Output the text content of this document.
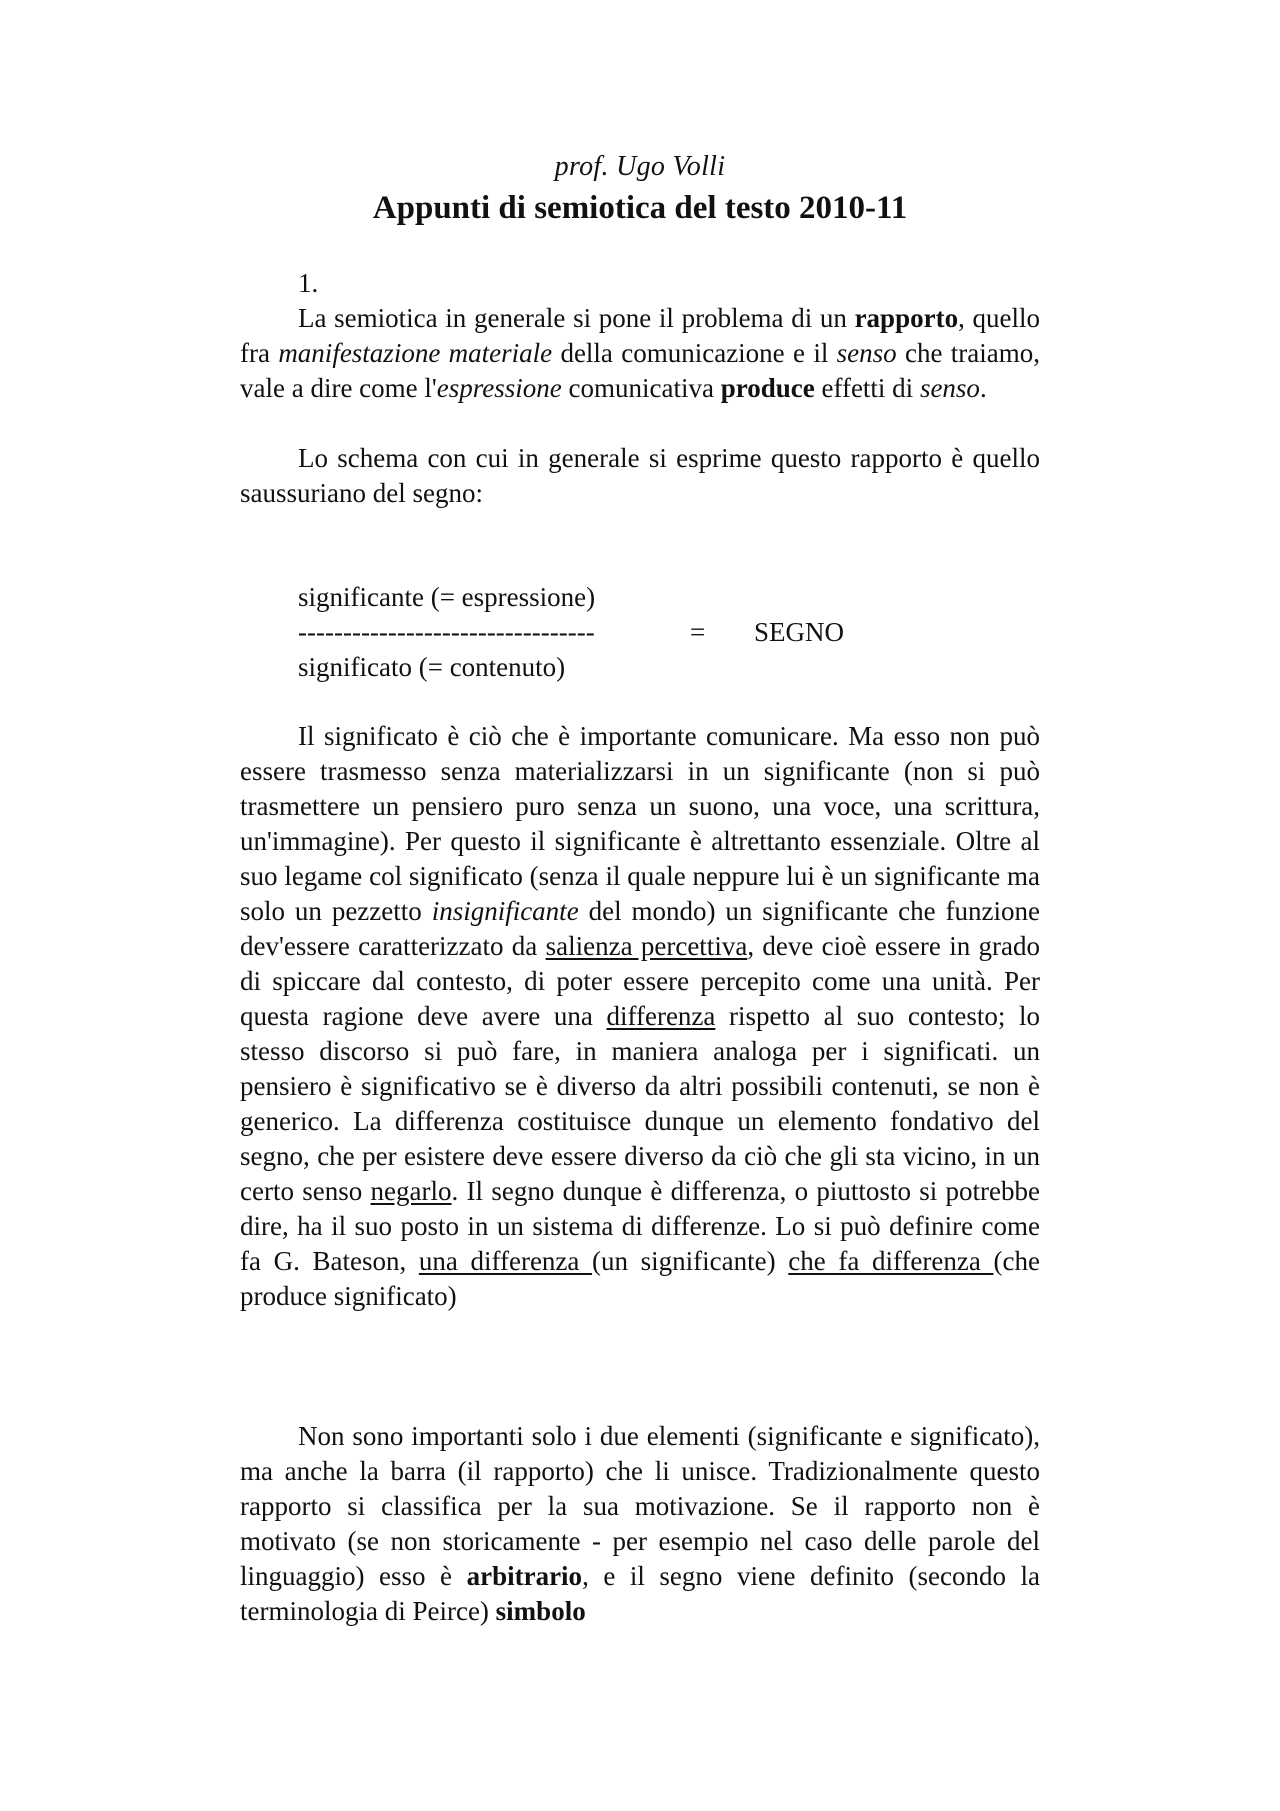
prof. Ugo Volli
Appunti di semiotica del testo 2010-11
1.

La semiotica in generale si pone il problema di un rapporto, quello fra manifestazione materiale della comunicazione e il senso che traiamo, vale a dire come l'espressione comunicativa produce effetti di senso.

Lo schema con cui in generale si esprime questo rapporto è quello saussuriano del segno:

significante (= espressione)
---------------------------------
significato (= contenuto)
= SEGNO

Il significato è ciò che è importante comunicare. Ma esso non può essere trasmesso senza materializzarsi in un significante (non si può trasmettere un pensiero puro senza un suono, una voce, una scrittura, un'immagine). Per questo il significante è altrettanto essenziale. Oltre al suo legame col significato (senza il quale neppure lui è un significante ma solo un pezzetto insignificante del mondo) un significante che funzione dev'essere caratterizzato da salienza percettiva, deve cioè essere in grado di spiccare dal contesto, di poter essere percepito come una unità. Per questa ragione deve avere una differenza rispetto al suo contesto; lo stesso discorso si può fare, in maniera analoga per i significati. un pensiero è significativo se è diverso da altri possibili contenuti, se non è generico. La differenza costituisce dunque un elemento fondativo del segno, che per esistere deve essere diverso da ciò che gli sta vicino, in un certo senso negarlo. Il segno dunque è differenza, o piuttosto si potrebbe dire, ha il suo posto in un sistema di differenze. Lo si può definire come fa G. Bateson, una differenza (un significante) che fa differenza (che produce significato)

Non sono importanti solo i due elementi (significante e significato), ma anche la barra (il rapporto) che li unisce. Tradizionalmente questo rapporto si classifica per la sua motivazione. Se il rapporto non è motivato (se non storicamente - per esempio nel caso delle parole del linguaggio) esso è arbitrario, e il segno viene definito (secondo la terminologia di Peirce) simbolo
